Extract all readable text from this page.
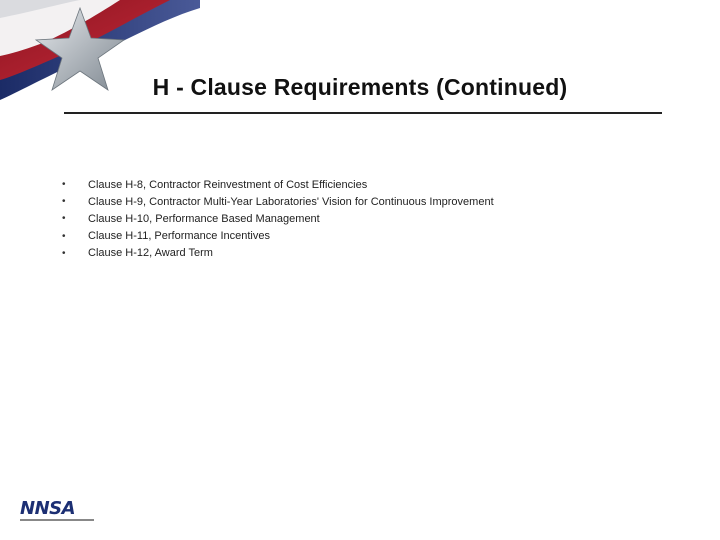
H - Clause Requirements (Continued)
•	Clause H-8, Contractor Reinvestment of Cost Efficiencies
•	Clause H-9, Contractor Multi-Year Laboratories' Vision for Continuous Improvement
•	Clause H-10, Performance Based Management
•	Clause H-11, Performance Incentives
•	Clause H-12, Award Term
NNSA
